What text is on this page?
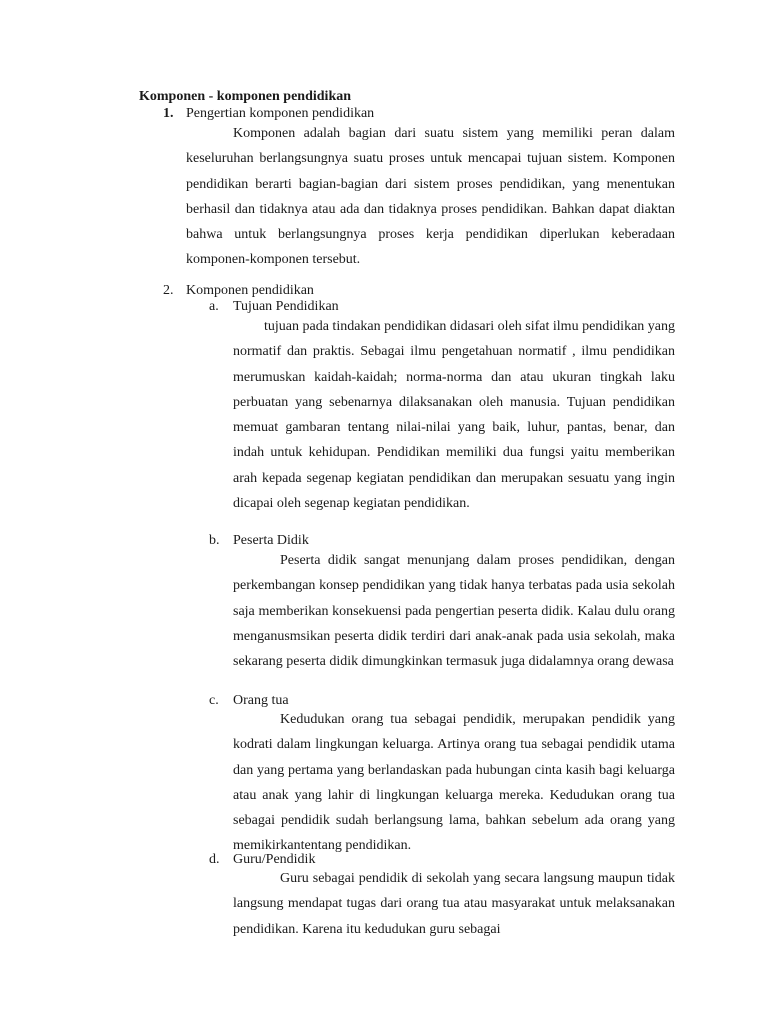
Komponen - komponen pendidikan
1. Pengertian komponen pendidikan
Komponen adalah bagian dari suatu sistem yang memiliki peran dalam keseluruhan berlangsungnya suatu proses untuk mencapai tujuan sistem. Komponen pendidikan berarti bagian-bagian dari sistem proses pendidikan, yang menentukan berhasil dan tidaknya atau ada dan tidaknya proses pendidikan. Bahkan dapat diaktan bahwa untuk berlangsungnya proses kerja pendidikan diperlukan keberadaan komponen-komponen tersebut.
2. Komponen pendidikan
a. Tujuan Pendidikan
tujuan pada tindakan pendidikan didasari oleh sifat ilmu pendidikan yang normatif dan praktis. Sebagai ilmu pengetahuan normatif , ilmu pendidikan merumuskan kaidah-kaidah; norma-norma dan atau ukuran tingkah laku perbuatan yang sebenarnya dilaksanakan oleh manusia. Tujuan pendidikan memuat gambaran tentang nilai-nilai yang baik, luhur, pantas, benar, dan indah untuk kehidupan. Pendidikan memiliki dua fungsi yaitu memberikan arah kepada segenap kegiatan pendidikan dan merupakan sesuatu yang ingin dicapai oleh segenap kegiatan pendidikan.
b. Peserta Didik
Peserta didik sangat menunjang dalam proses pendidikan, dengan perkembangan konsep pendidikan yang tidak hanya terbatas pada usia sekolah saja memberikan konsekuensi pada pengertian peserta didik. Kalau dulu orang menganusmsikan peserta didik terdiri dari anak-anak pada usia sekolah, maka sekarang peserta didik dimungkinkan termasuk juga didalamnya orang dewasa
c. Orang tua
Kedudukan orang tua sebagai pendidik, merupakan pendidik yang kodrati dalam lingkungan keluarga. Artinya orang tua sebagai pendidik utama dan yang pertama yang berlandaskan pada hubungan cinta kasih bagi keluarga atau anak yang lahir di lingkungan keluarga mereka. Kedudukan orang tua sebagai pendidik sudah berlangsung lama, bahkan sebelum ada orang yang memikirkantentang pendidikan.
d. Guru/Pendidik
Guru sebagai pendidik di sekolah yang secara langsung maupun tidak langsung mendapat tugas dari orang tua atau masyarakat untuk melaksanakan pendidikan. Karena itu kedudukan guru sebagai
